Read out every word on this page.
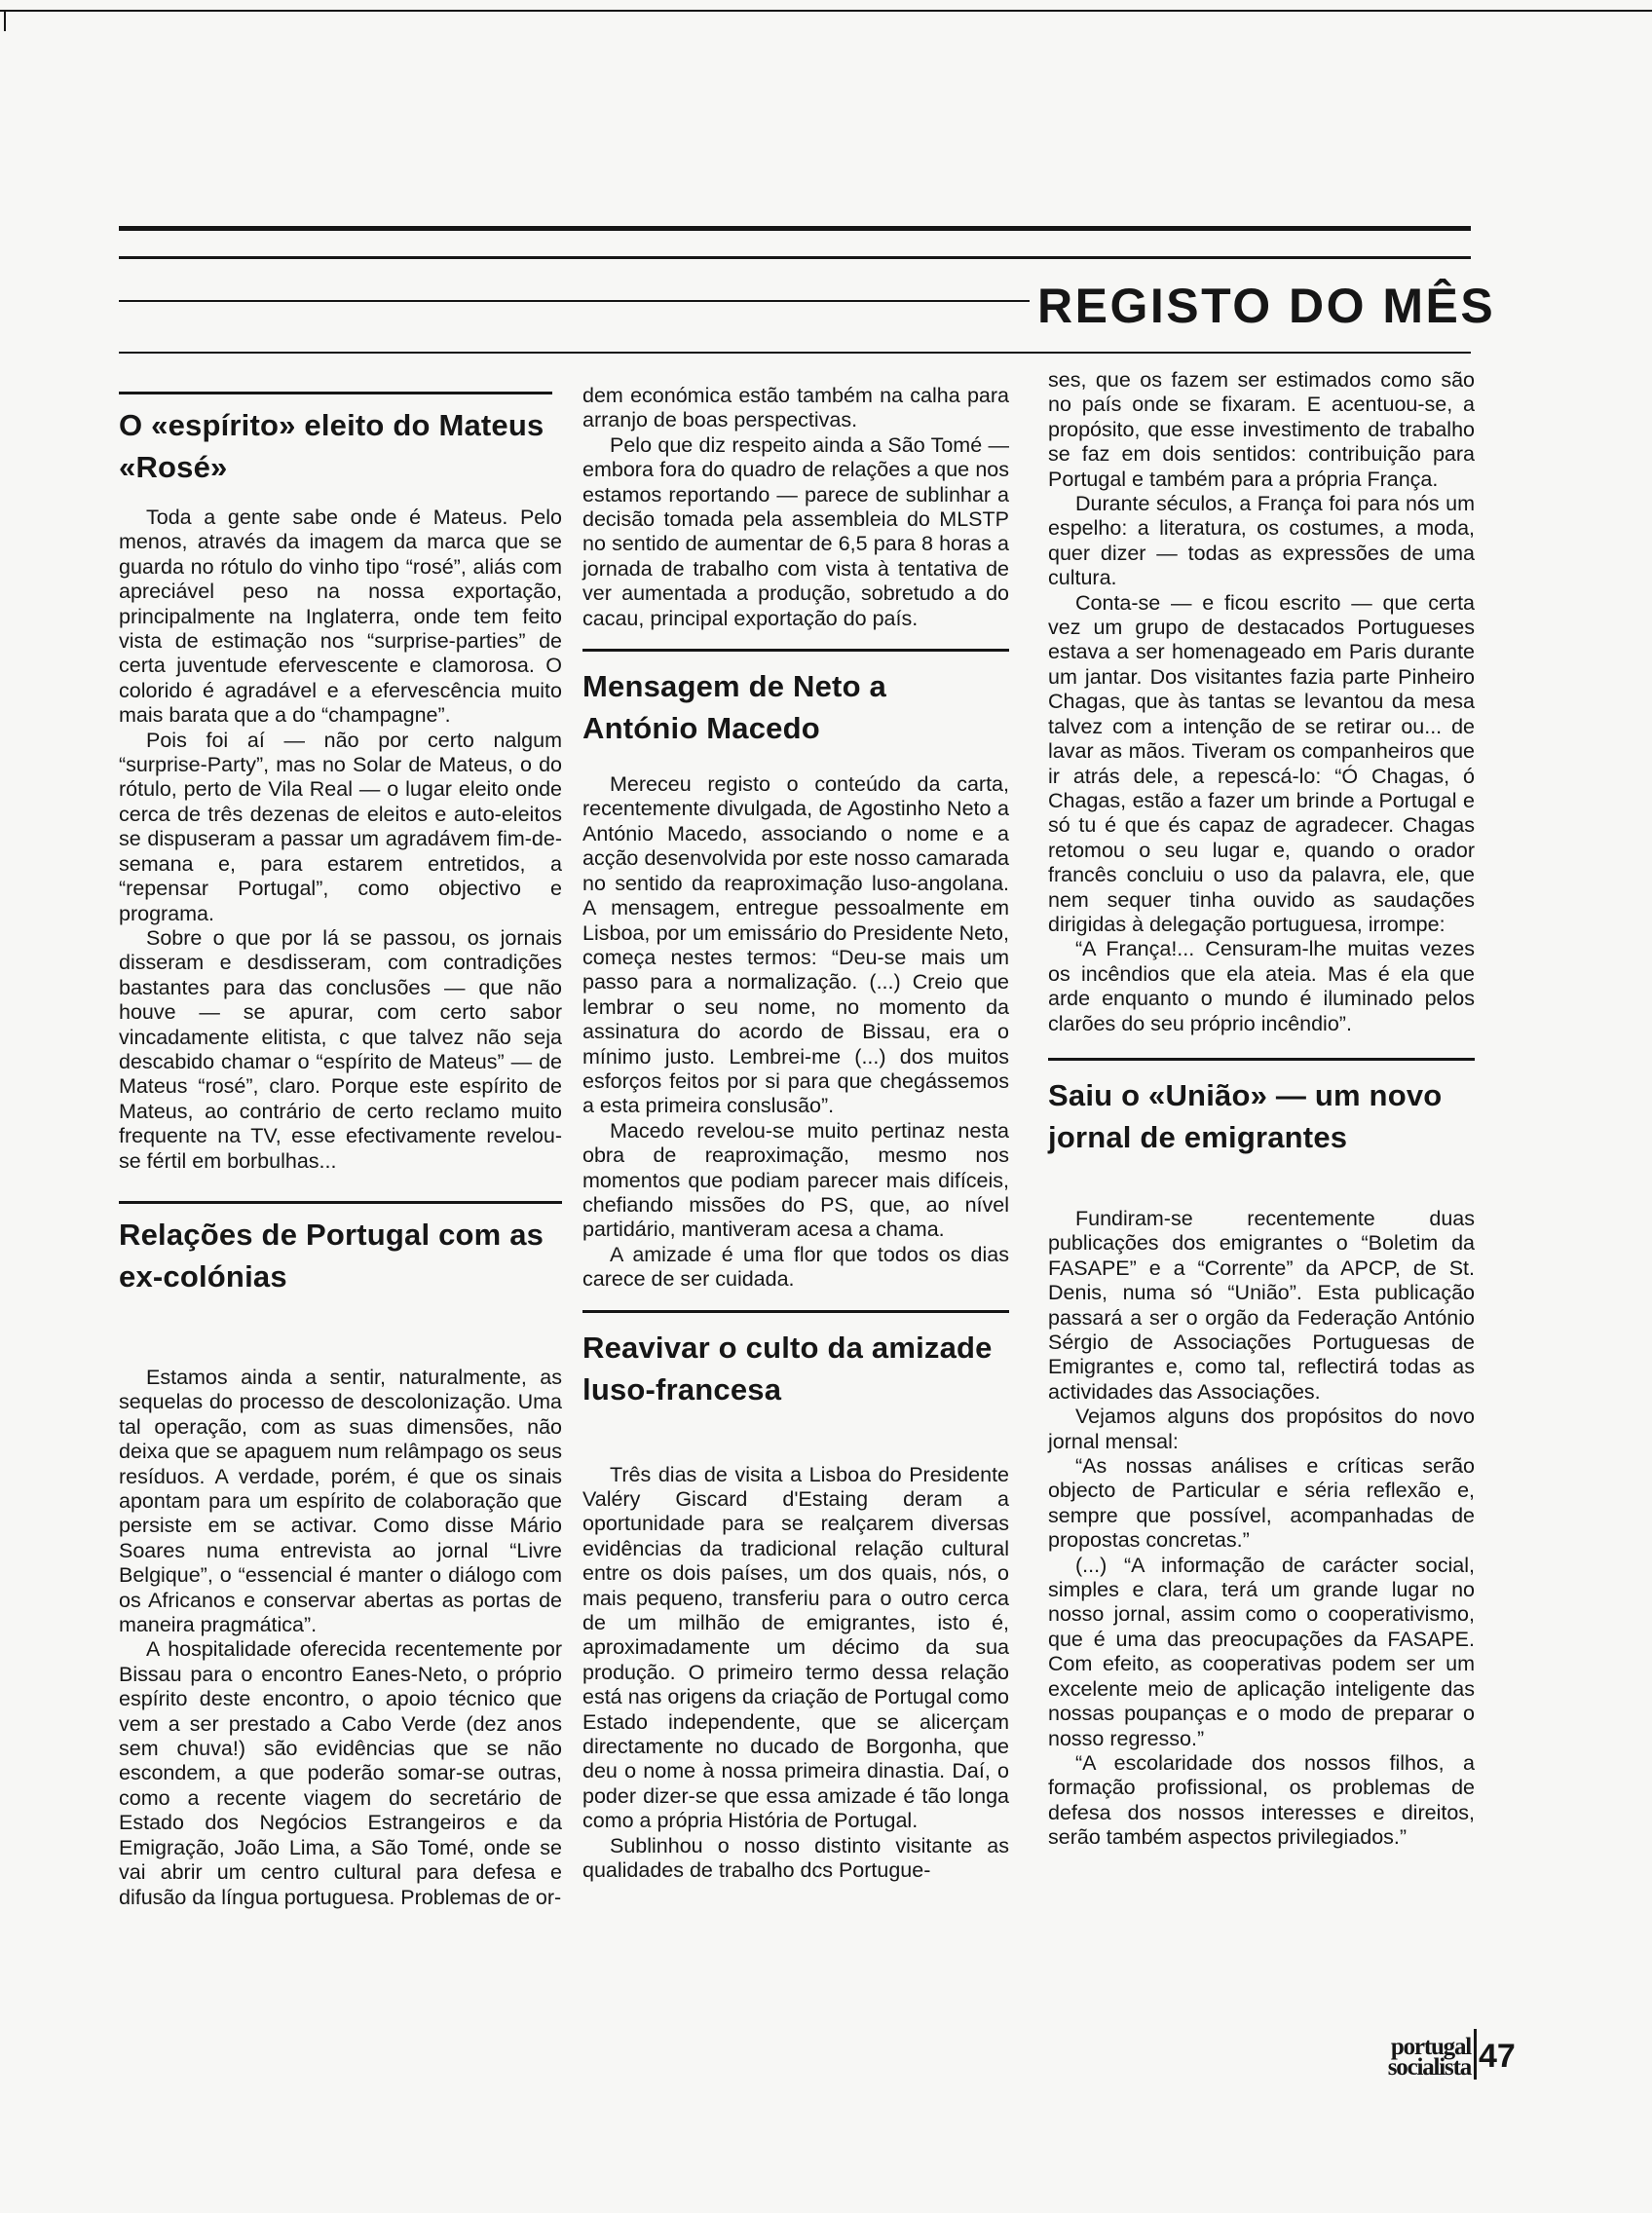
REGISTO DO MÊS
O «espírito» eleito do Mateus «Rosé»

Toda a gente sabe onde é Mateus. Pelo menos, através da imagem da marca que se guarda no rótulo do vinho tipo “rosé”, aliás com apreciável peso na nossa exportação, principalmente na Inglaterra, onde tem feito vista de estimação nos “surprise-parties” de certa juventude efervescente e clamorosa. O colorido é agradável e a efervescência muito mais barata que a do “champagne”.

Pois foi aí — não por certo nalgum “surprise-Party”, mas no Solar de Mateus, o do rótulo, perto de Vila Real — o lugar eleito onde cerca de três dezenas de eleitos e auto-eleitos se dispuseram a passar um agradávem fim-de-semana e, para estarem entretidos, a “repensar Portugal”, como objectivo e programa.

Sobre o que por lá se passou, os jornais disseram e desdisseram, com contradições bastantes para das conclusões — que não houve — se apurar, com certo sabor vincadamente elitista, c que talvez não seja descabido chamar o “espírito de Mateus” — de Mateus “rosé”, claro. Porque este espírito de Mateus, ao contrário de certo reclamo muito frequente na TV, esse efectivamente revelou-se fértil em borbulhas...

Relações de Portugal com as ex-colónias

Estamos ainda a sentir, naturalmente, as sequelas do processo de descolonização. Uma tal operação, com as suas dimensões, não deixa que se apaguem num relâmpago os seus resíduos. A verdade, porém, é que os sinais apontam para um espírito de colaboração que persiste em se activar. Como disse Mário Soares numa entrevista ao jornal “Livre Belgique”, o “essencial é manter o diálogo com os Africanos e conservar abertas as portas de maneira pragmática”.

A hospitalidade oferecida recentemente por Bissau para o encontro Eanes-Neto, o próprio espírito deste encontro, o apoio técnico que vem a ser prestado a Cabo Verde (dez anos sem chuva!) são evidências que se não escondem, a que poderão somar-se outras, como a recente viagem do secretário de Estado dos Negócios Estrangeiros e da Emigração, João Lima, a São Tomé, onde se vai abrir um centro cultural para defesa e difusão da língua portuguesa. Problemas de or-

dem económica estão também na calha para arranjo de boas perspectivas.

Pelo que diz respeito ainda a São Tomé — embora fora do quadro de relações a que nos estamos reportando — parece de sublinhar a decisão tomada pela assembleia do MLSTP no sentido de aumentar de 6,5 para 8 horas a jornada de trabalho com vista à tentativa de ver aumentada a produção, sobretudo a do cacau, principal exportação do país.

Mensagem de Neto a António Macedo

Mereceu registo o conteúdo da carta, recentemente divulgada, de Agostinho Neto a António Macedo, associando o nome e a acção desenvolvida por este nosso camarada no sentido da reaproximação luso-angolana. A mensagem, entregue pessoalmente em Lisboa, por um emissário do Presidente Neto, começa nestes termos: “Deu-se mais um passo para a normalização. (...) Creio que lembrar o seu nome, no momento da assinatura do acordo de Bissau, era o mínimo justo. Lembrei-me (...) dos muitos esforços feitos por si para que chegássemos a esta primeira conslusão”.

Macedo revelou-se muito pertinaz nesta obra de reaproximação, mesmo nos momentos que podiam parecer mais difíceis, chefiando missões do PS, que, ao nível partidário, mantiveram acesa a chama.

A amizade é uma flor que todos os dias carece de ser cuidada.

Reavivar o culto da amizade luso-francesa

Três dias de visita a Lisboa do Presidente Valéry Giscard d'Estaing deram a oportunidade para se realçarem diversas evidências da tradicional relação cultural entre os dois países, um dos quais, nós, o mais pequeno, transferiu para o outro cerca de um milhão de emigrantes, isto é, aproximadamente um décimo da sua produção. O primeiro termo dessa relação está nas origens da criação de Portugal como Estado independente, que se alicerçam directamente no ducado de Borgonha, que deu o nome à nossa primeira dinastia. Daí, o poder dizer-se que essa amizade é tão longa como a própria História de Portugal.

Sublinhou o nosso distinto visitante as qualidades de trabalho dcs Portugue-

ses, que os fazem ser estimados como são no país onde se fixaram. E acentuou-se, a propósito, que esse investimento de trabalho se faz em dois sentidos: contribuição para Portugal e também para a própria França.

Durante séculos, a França foi para nós um espelho: a literatura, os costumes, a moda, quer dizer — todas as expressões de uma cultura.

Conta-se — e ficou escrito — que certa vez um grupo de destacados Portugueses estava a ser homenageado em Paris durante um jantar. Dos visitantes fazia parte Pinheiro Chagas, que às tantas se levantou da mesa talvez com a intenção de se retirar ou... de lavar as mãos. Tiveram os companheiros que ir atrás dele, a repescá-lo: “Ó Chagas, ó Chagas, estão a fazer um brinde a Portugal e só tu é que és capaz de agradecer. Chagas retomou o seu lugar e, quando o orador francês concluiu o uso da palavra, ele, que nem sequer tinha ouvido as saudações dirigidas à delegação portuguesa, irrompe:

“A França!... Censuram-lhe muitas vezes os incêndios que ela ateia. Mas é ela que arde enquanto o mundo é iluminado pelos clarões do seu próprio incêndio”.

Saiu o «União» — um novo jornal de emigrantes

Fundiram-se recentemente duas publicações dos emigrantes o “Boletim da FASAPE” e a “Corrente” da APCP, de St. Denis, numa só “União”. Esta publicação passará a ser o orgão da Federação António Sérgio de Associações Portuguesas de Emigrantes e, como tal, reflectirá todas as actividades das Associações.

Vejamos alguns dos propósitos do novo jornal mensal:

“As nossas análises e críticas serão objecto de Particular e séria reflexão e, sempre que possível, acompanhadas de propostas concretas.”

(...) “A informação de carácter social, simples e clara, terá um grande lugar no nosso jornal, assim como o cooperativismo, que é uma das preocupações da FASAPE. Com efeito, as cooperativas podem ser um excelente meio de aplicação inteligente das nossas poupanças e o modo de preparar o nosso regresso.”

“A escolaridade dos nossos filhos, a formação profissional, os problemas de defesa dos nossos interesses e direitos, serão também aspectos privilegiados.”

portugal
socialista 47
